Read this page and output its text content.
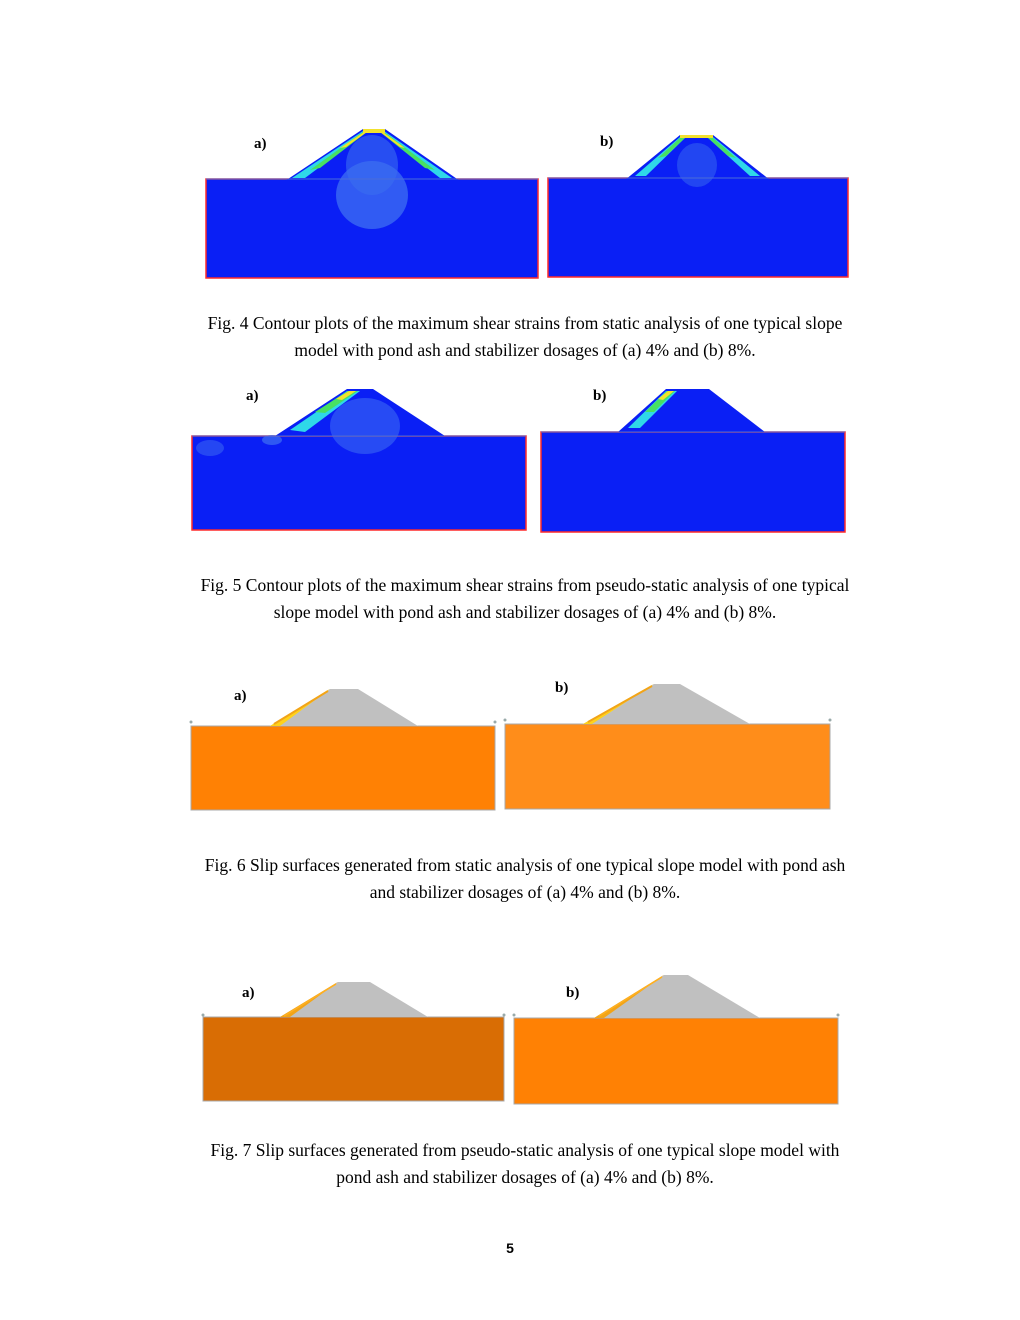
a)	b)
Fig. 4 Contour plots of the maximum shear strains from static analysis of one typical slope
model with pond ash and stabilizer dosages of (a) 4% and (b) 8%.
a)	b)
Fig. 5 Contour plots of the maximum shear strains from pseudo-static analysis of one typical
slope model with pond ash and stabilizer dosages of (a) 4% and (b) 8%.
a)	b)
Fig. 6 Slip surfaces generated from static analysis of one typical slope model with pond ash
and stabilizer dosages of (a) 4% and (b) 8%.
a)	b)
Fig. 7 Slip surfaces generated from pseudo-static analysis of one typical slope model with
pond ash and stabilizer dosages of (a) 4% and (b) 8%.
5
